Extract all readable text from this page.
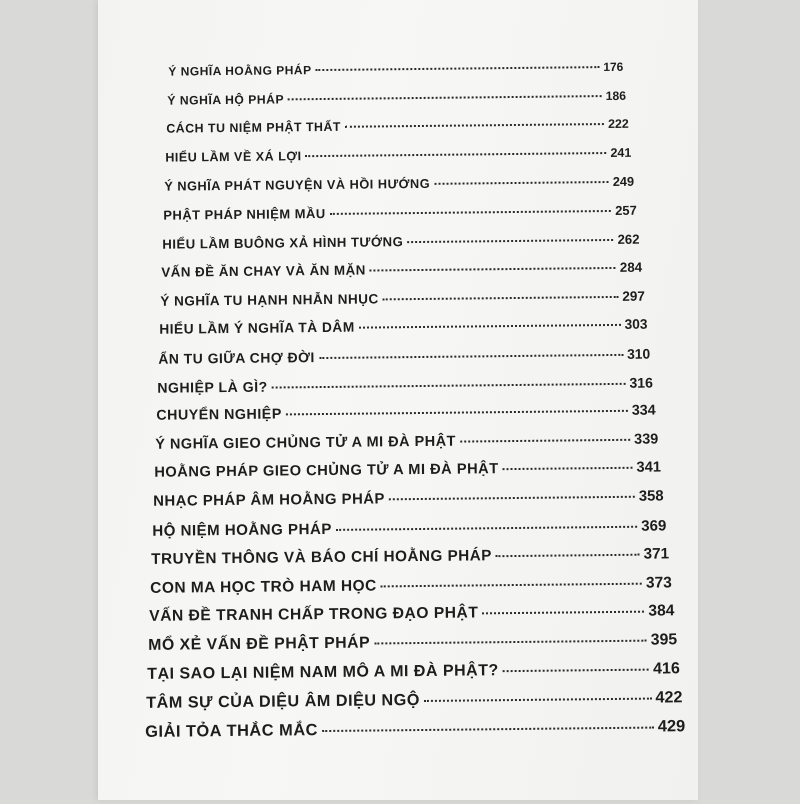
Ý NGHĨA HOẰNG PHÁP	176
Ý NGHĨA HỘ PHÁP	186
CÁCH TU NIỆM PHẬT THẤT	222
HIỂU LẦM VỀ XÁ LỢI	241
Ý NGHĨA PHÁT NGUYỆN VÀ HỒI HƯỚNG	249
PHẬT PHÁP NHIỆM MẦU	257
HIỂU LẦM BUÔNG XẢ HÌNH TƯỚNG	262
VẤN ĐỀ ĂN CHAY VÀ ĂN MẶN	284
Ý NGHĨA TU HẠNH NHẪN NHỤC	297
HIỂU LẦM Ý NGHĨA TÀ DÂM	303
ẨN TU GIỮA CHỢ ĐỜI	310
NGHIỆP LÀ GÌ?	316
CHUYỂN NGHIỆP	334
Ý NGHĨA GIEO CHỦNG TỬ A MI ĐÀ PHẬT	339
HOẰNG PHÁP GIEO CHỦNG TỬ A MI ĐÀ PHẬT	341
NHẠC PHÁP ÂM HOẰNG PHÁP	358
HỘ NIỆM HOẰNG PHÁP	369
TRUYỀN THÔNG VÀ BÁO CHÍ HOẰNG PHÁP	371
CON MA HỌC TRÒ HAM HỌC	373
VẤN ĐỀ TRANH CHẤP TRONG ĐẠO PHẬT	384
MỔ XẺ VẤN ĐỀ PHẬT PHÁP	395
TẠI SAO LẠI NIỆM NAM MÔ A MI ĐÀ PHẬT?	416
TÂM SỰ CỦA DIỆU ÂM DIỆU NGỘ	422
GIẢI TỎA THẮC MẮC	429
